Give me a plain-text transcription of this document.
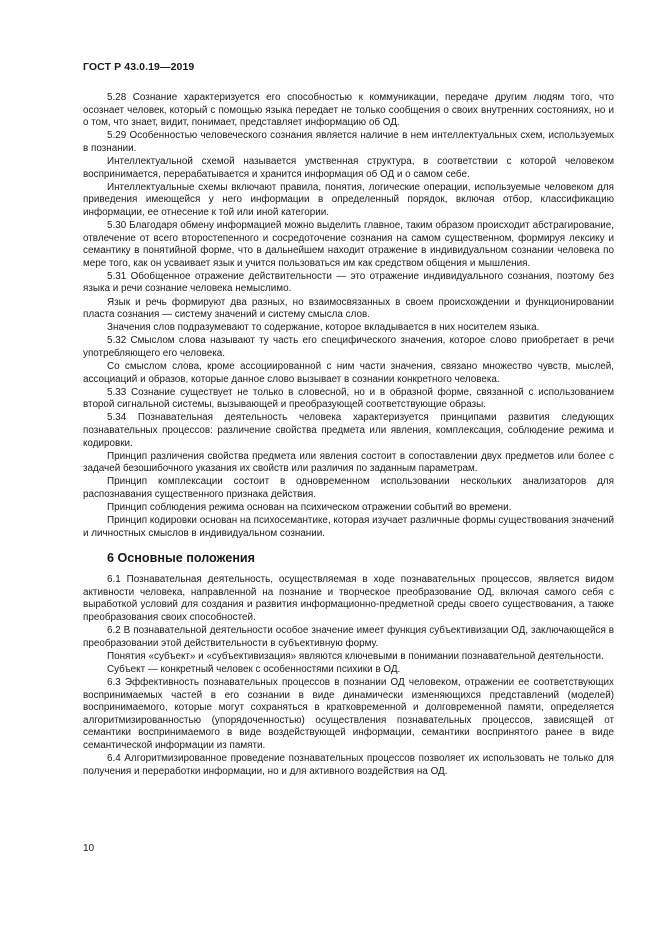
ГОСТ Р 43.0.19—2019

5.28 Сознание характеризуется его способностью к коммуникации, передаче другим людям того, что осознает человек, который с помощью языка передает не только сообщения о своих внутренних состояниях, но и о том, что знает, видит, понимает, представляет информацию об ОД.

5.29 Особенностью человеческого сознания является наличие в нем интеллектуальных схем, используемых в познании.

Интеллектуальной схемой называется умственная структура, в соответствии с которой человеком воспринимается, перерабатывается и хранится информация об ОД и о самом себе.

Интеллектуальные схемы включают правила, понятия, логические операции, используемые человеком для приведения имеющейся у него информации в определенный порядок, включая отбор, классификацию информации, ее отнесение к той или иной категории.

5.30 Благодаря обмену информацией можно выделить главное, таким образом происходит абстрагирование, отвлечение от всего второстепенного и сосредоточение сознания на самом существенном, формируя лексику и семантику в понятийной форме, что в дальнейшем находит отражение в индивидуальном сознании человека по мере того, как он усваивает язык и учится пользоваться им как средством общения и мышления.

5.31 Обобщенное отражение действительности — это отражение индивидуального сознания, поэтому без языка и речи сознание человека немыслимо.

Язык и речь формируют два разных, но взаимосвязанных в своем происхождении и функционировании пласта сознания — систему значений и систему смысла слов.

Значения слов подразумевают то содержание, которое вкладывается в них носителем языка.

5.32 Смыслом слова называют ту часть его специфического значения, которое слово приобретает в речи употребляющего его человека.

Со смыслом слова, кроме ассоциированной с ним части значения, связано множество чувств, мыслей, ассоциаций и образов, которые данное слово вызывает в сознании конкретного человека.

5.33 Сознание существует не только в словесной, но и в образной форме, связанной с использованием второй сигнальной системы, вызывающей и преобразующей соответствующие образы.

5.34 Познавательная деятельность человека характеризуется принципами развития следующих познавательных процессов: различение свойства предмета или явления, комплексация, соблюдение режима и кодировки.

Принцип различения свойства предмета или явления состоит в сопоставлении двух предметов или более с задачей безошибочного указания их свойств или различия по заданным параметрам.

Принцип комплексации состоит в одновременном использовании нескольких анализаторов для распознавания существенного признака действия.

Принцип соблюдения режима основан на психическом отражении событий во времени.

Принцип кодировки основан на психосемантике, которая изучает различные формы существования значений и личностных смыслов в индивидуальном сознании.

6 Основные положения

6.1 Познавательная деятельность, осуществляемая в ходе познавательных процессов, является видом активности человека, направленной на познание и творческое преобразование ОД, включая самого себя с выработкой условий для создания и развития информационно-предметной среды своего существования, а также преобразования своих способностей.

6.2 В познавательной деятельности особое значение имеет функция субъективизации ОД, заключающейся в преобразовании этой действительности в субъективную форму.

Понятия «субъект» и «субъективизация» являются ключевыми в понимании познавательной деятельности.

Субъект — конкретный человек с особенностями психики в ОД.

6.3 Эффективность познавательных процессов в познании ОД человеком, отражении ее соответствующих воспринимаемых частей в его сознании в виде динамически изменяющихся представлений (моделей) воспринимаемого, которые могут сохраняться в кратковременной и долговременной памяти, определяется алгоритмизированностью (упорядоченностью) осуществления познавательных процессов, зависящей от семантики воспринимаемого в виде воздействующей информации, семантики воспринятого ранее в виде семантической информации из памяти.

6.4 Алгоритмизированное проведение познавательных процессов позволяет их использовать не только для получения и переработки информации, но и для активного воздействия на ОД.

10
